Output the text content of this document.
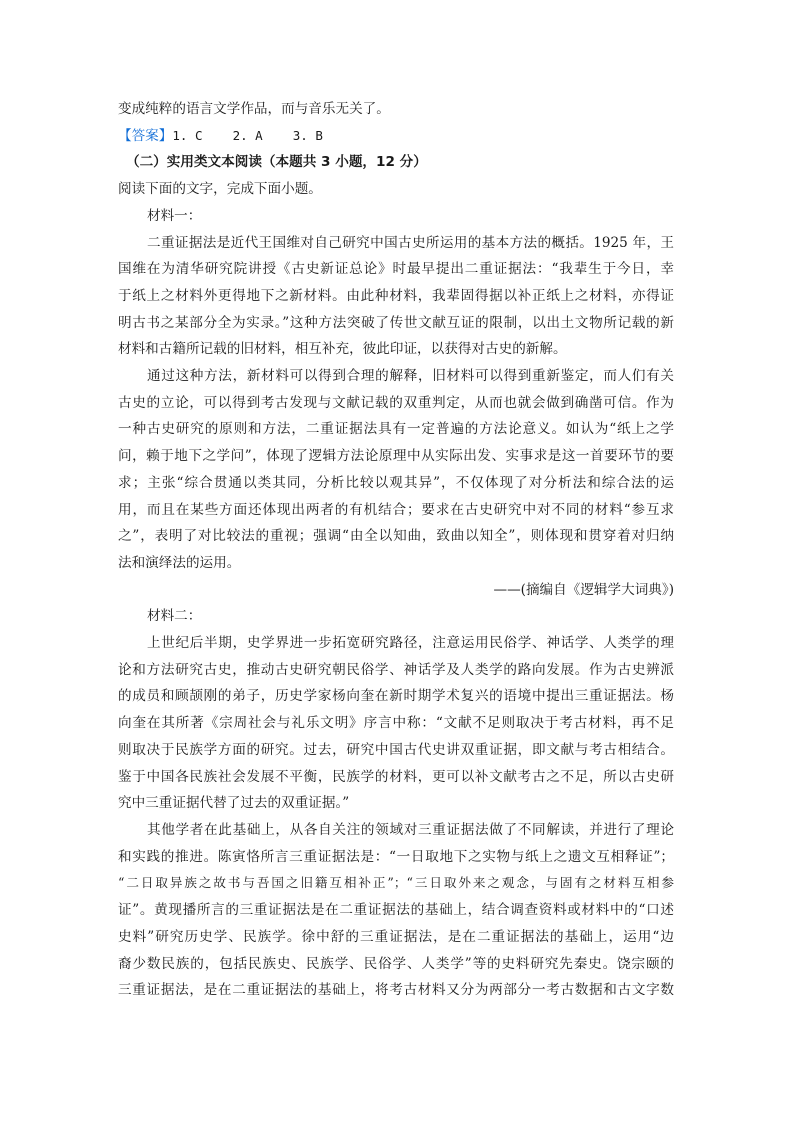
变成纯粹的语言文学作品，而与音乐无关了。
【答案】1. C    2. A    3. B
（二）实用类文本阅读（本题共 3 小题，12 分）
阅读下面的文字，完成下面小题。
材料一：
二重证据法是近代王国维对自己研究中国古史所运用的基本方法的概括。1925 年，王
国维在为清华研究院讲授《古史新证总论》时最早提出二重证据法：“我辈生于今日，幸
于纸上之材料外更得地下之新材料。由此种材料，我辈固得据以补正纸上之材料，亦得证
明古书之某部分全为实录。”这种方法突破了传世文献互证的限制，以出土文物所记载的新
材料和古籍所记载的旧材料，相互补充，彼此印证，以获得对古史的新解。
通过这种方法，新材料可以得到合理的解释，旧材料可以得到重新鉴定，而人们有关
古史的立论，可以得到考古发现与文献记载的双重判定，从而也就会做到确凿可信。作为
一种古史研究的原则和方法，二重证据法具有一定普遍的方法论意义。如认为“纸上之学
问，赖于地下之学问”，体现了逻辑方法论原理中从实际出发、实事求是这一首要环节的要
求；主张“综合贯通以类其同，分析比较以观其异”，不仅体现了对分析法和综合法的运
用，而且在某些方面还体现出两者的有机结合；要求在古史研究中对不同的材料“参互求
之”，表明了对比较法的重视；强调“由全以知曲，致曲以知全”，则体现和贯穿着对归纳
法和演绎法的运用。
——(摘编自《逻辑学大词典》)
材料二：
上世纪后半期，史学界进一步拓宽研究路径，注意运用民俗学、神话学、人类学的理
论和方法研究古史，推动古史研究朝民俗学、神话学及人类学的路向发展。作为古史辨派
的成员和顾颉刚的弟子，历史学家杨向奎在新时期学术复兴的语境中提出三重证据法。杨
向奎在其所著《宗周社会与礼乐文明》序言中称：“文献不足则取决于考古材料，再不足
则取决于民族学方面的研究。过去，研究中国古代史讲双重证据，即文献与考古相结合。
鉴于中国各民族社会发展不平衡，民族学的材料，更可以补文献考古之不足，所以古史研
究中三重证据代替了过去的双重证据。”
其他学者在此基础上，从各自关注的领域对三重证据法做了不同解读，并进行了理论
和实践的推进。陈寅恪所言三重证据法是：“一日取地下之实物与纸上之遗文互相释证”；
“二日取异族之故书与吾国之旧籍互相补正”；“三日取外来之观念，与固有之材料互相参
证”。黄现播所言的三重证据法是在二重证据法的基础上，结合调查资料或材料中的“口述
史料”研究历史学、民族学。徐中舒的三重证据法，是在二重证据法的基础上，运用“边
裔少数民族的，包括民族史、民族学、民俗学、人类学”等的史料研究先秦史。饶宗颐的
三重证据法，是在二重证据法的基础上，将考古材料又分为两部分一考古数据和古文字数
